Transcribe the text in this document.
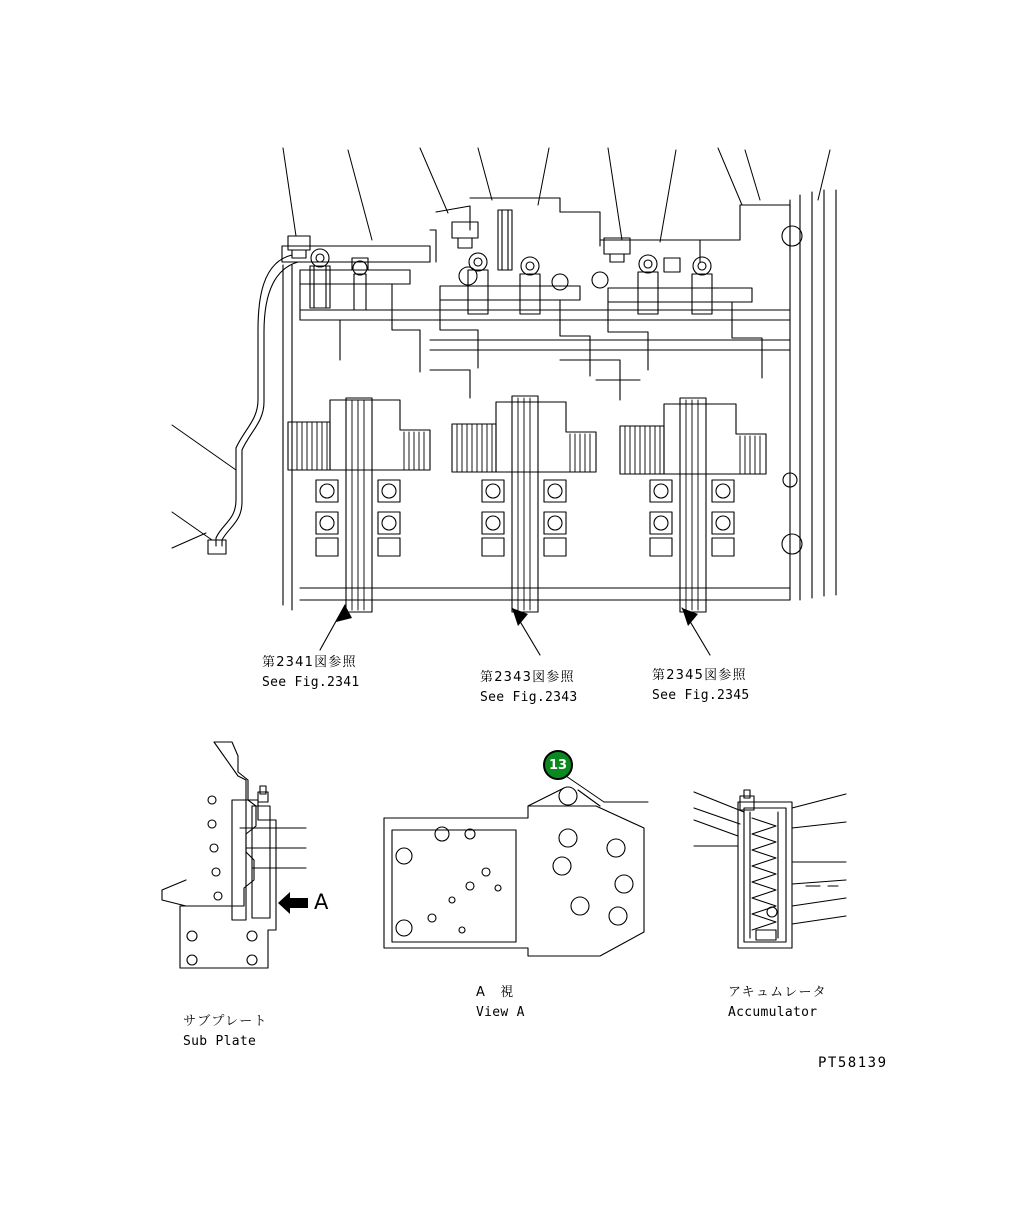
第2341図参照
See Fig.2341	第2343図参照
See Fig.2343
第2345図参照
See Fig.2345
13
A
サブプレート
Sub Plate
A　視
View A
アキュムレータ
Accumulator
PT58139
